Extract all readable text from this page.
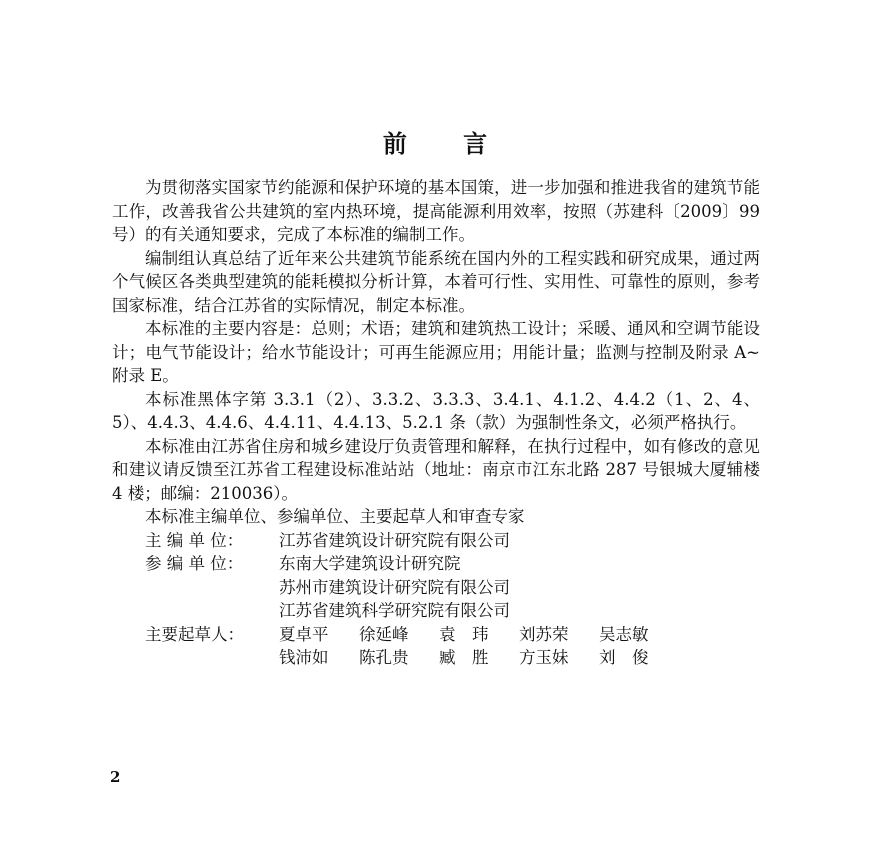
前 言

为贯彻落实国家节约能源和保护环境的基本国策，进一步加强和推进我省的建筑节能工作，改善我省公共建筑的室内热环境，提高能源利用效率，按照（苏建科〔2009〕99 号）的有关通知要求，完成了本标准的编制工作。

编制组认真总结了近年来公共建筑节能系统在国内外的工程实践和研究成果，通过两个气候区各类典型建筑的能耗模拟分析计算，本着可行性、实用性、可靠性的原则，参考国家标准，结合江苏省的实际情况，制定本标准。

本标准的主要内容是：总则；术语；建筑和建筑热工设计；采暖、通风和空调节能设计；电气节能设计；给水节能设计；可再生能源应用；用能计量；监测与控制及附录 A~附录 E。

本标准黑体字第 3.3.1（2）、3.3.2、3.3.3、3.4.1、4.1.2、4.4.2（1、2、4、5）、4.4.3、4.4.6、4.4.11、4.4.13、5.2.1 条（款）为强制性条文，必须严格执行。

本标准由江苏省住房和城乡建设厅负责管理和解释，在执行过程中，如有修改的意见和建议请反馈至江苏省工程建设标准站站（地址：南京市江东北路 287 号银城大厦辅楼 4 楼；邮编：210036）。

本标准主编单位、参编单位、主要起草人和审查专家

主 编 单 位：	江苏省建筑设计研究院有限公司
参 编 单 位：	东南大学建筑设计研究院
苏州市建筑设计研究院有限公司
江苏省建筑科学研究院有限公司
主要起草人：	夏卓平	徐延峰	袁　玮	刘苏荣	吴志敏
钱沛如	陈孔贵	臧　胜	方玉妹	刘　俊
2
